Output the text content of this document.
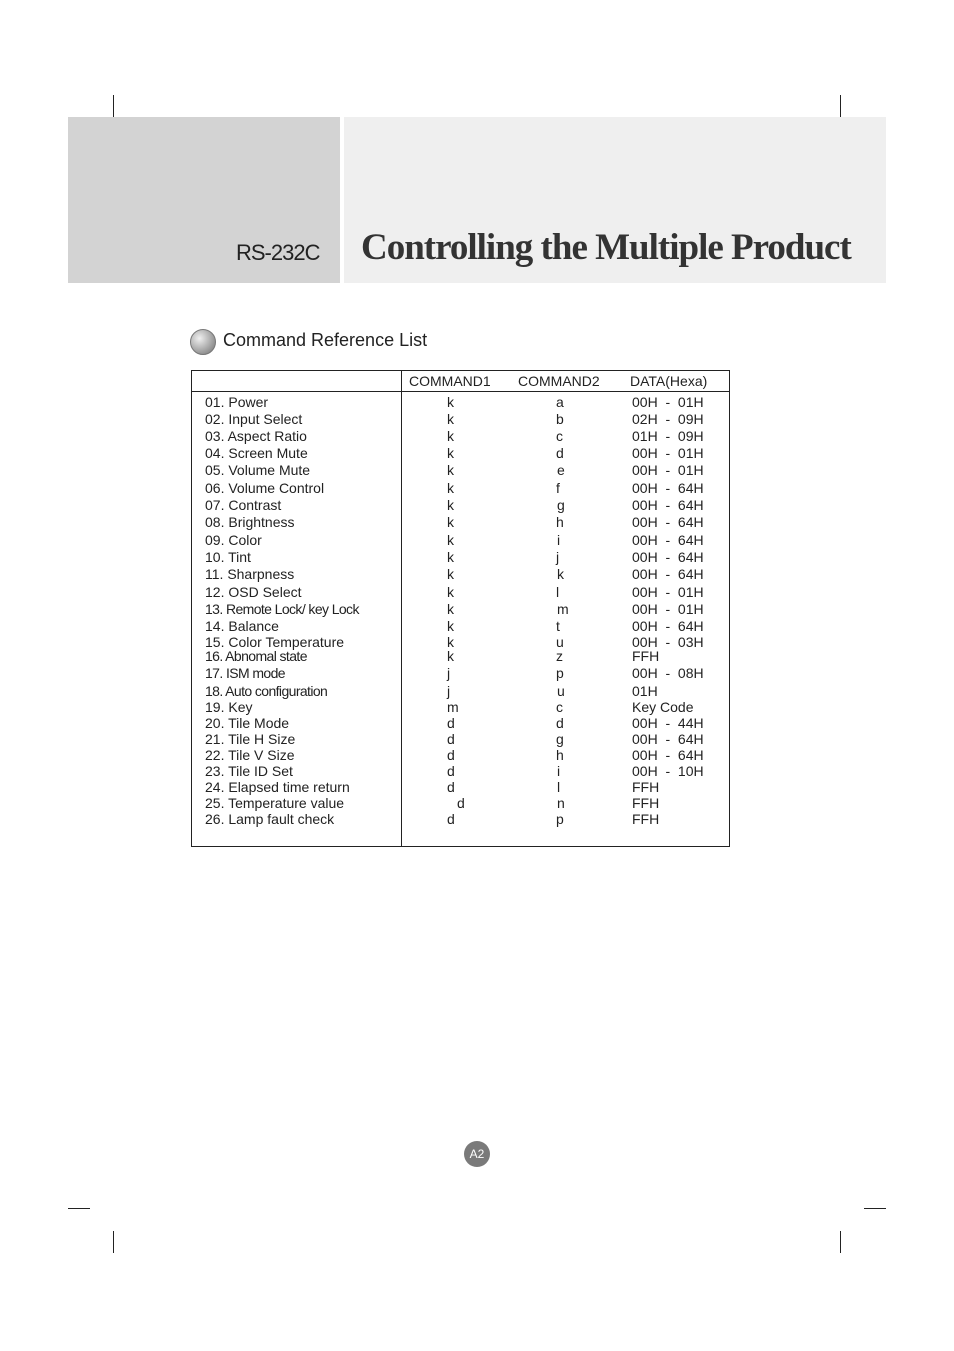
RS-232C Controlling the Multiple Product
Command Reference List
COMMAND1 COMMAND2 DATA(Hexa)
01. Power	k	a	00H  -  01H
02. Input Select	k	b	02H  -  09H
03. Aspect Ratio	k	c	01H  -  09H
04. Screen Mute	k	d	00H  -  01H
05. Volume Mute	k	e	00H  -  01H
06. Volume Control	k	f	00H  -  64H
07. Contrast	k	g	00H  -  64H
08. Brightness	k	h	00H  -  64H
09. Color	k	i	00H  -  64H
10. Tint	k	j	00H  -  64H
11. Sharpness	k	k	00H  -  64H
12. OSD Select	k	l	00H  -  01H
13. Remote Lock/ key Lock	k	m	00H  -  01H
14. Balance	k	t	00H  -  64H
15. Color Temperature	k	u	00H  -  03H
16. Abnomal state	k	z	FFH
17. ISM mode	j	p	00H  -  08H
18. Auto configuration	j	u	01H
19. Key	m	c	Key Code
20. Tile Mode	d	d	00H  -  44H
21. Tile H Size	d	g	00H  -  64H
22. Tile V Size	d	h	00H  -  64H
23. Tile ID Set	d	i	00H  -  10H
24. Elapsed time return	d	l	FFH
25. Temperature value	d	n	FFH
26. Lamp fault check	d	p	FFH
A2
